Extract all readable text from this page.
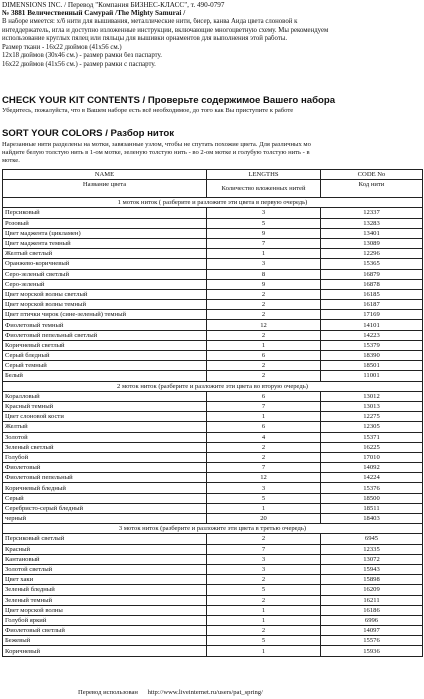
DIMENSIONS INC. / Перевод "Компания БИЗНЕС-КЛАСС", т. 490-0797
№ 3881 Величественный Самурай /The Mighty Samurai /
В наборе имеется: х/б нити для вышивания, металлические нити, бисер, канва Аида цвета слоновой к
интеддержатель, игла и доступно изложенные инструкции, включающие многоцветную схему. Мы рекомендуем
использование круглых пялец или пяльцы для вышивки орнаментов для выполнения этой работы.
Размер ткани - 16х22 дюймов (41х56 см.)
12х18 дюймов (30х46 см.) - размер рамки без паспарту.
16х22 дюймов (41х56 см.) - размер рамки с паспарту.
CHECK YOUR KIT CONTENTS / Проверьте содержимое Вашего набора
Убедитесь, пожалуйста, что в Вашем наборе есть всё необходимое, до того как Вы приступите к работе
SORT YOUR COLORS / Разбор ниток
Нарезанные нити разделены на мотки, завязанные узлом, чтобы не спутать похожие цвета. Для различных мо
найдите белую толстую нить в 1-ом мотке, зеленую толстую нить - во 2-ом мотке и голубую толстую нить - в
мотке.
NAME	LENGTHS	CODE No
Название цвета	Количество вложенных нитей	Код нити
1 моток ниток ( разберите и разложите эти цвета в первую очередь)		
Персиковый	3	12337
Розовый	5	13283
Цвет маджента (цикламен)	9	13401
Цвет маджента темный	7	13089
Желтый светлый	1	12296
Оранжево-коричневый	3	15365
Серо-зеленый светлый	8	16879
Серо-зеленый	9	16878
Цвет морской волны светлый	2	16185
Цвет морской волны темный	2	16187
Цвет птички чирок (сине-зеленый) темный	2	17169
Фиолетовый темный	12	14101
Фиолетовый пепельный светлый	2	14223
Коричневый светлый	1	15379
Серый бледный	6	18390
Серый темный	2	18501
Белый	2	11001
2 моток ниток (разберите и разложите эти цвета во вторую очередь)		
Коралловый	6	13012
Красный темный	7	13013
Цвет слоновой кости	1	12275
Желтый	6	12305
Золотой	4	15371
Зеленый светлый	2	16225
Голубой	2	17010
Фиолетовый	7	14092
Фиолетовый пепельный	12	14224
Коричневый бледный	3	15376
Серый	5	18500
Серебристо-серый бледный	1	18511
черный	20	18403
3 моток ниток (разберите и разложите эти цвета в третью очередь)		
Персиковый светлый	2	6945
Красный	7	12335
Кантановый	3	13072
Золотой светлый	3	15943
Цвет хаки	2	15898
Зеленый бледный	5	16209
Зеленый темный	2	16211
Цвет морской волны	1	16186
Голубой яркий	1	6996
Фиолетовый светлый	2	14097
Бежевый	5	15576
Коричневый	1	15936
Перевод использован http://www.liveinternet.ru/users/pat_spring/
